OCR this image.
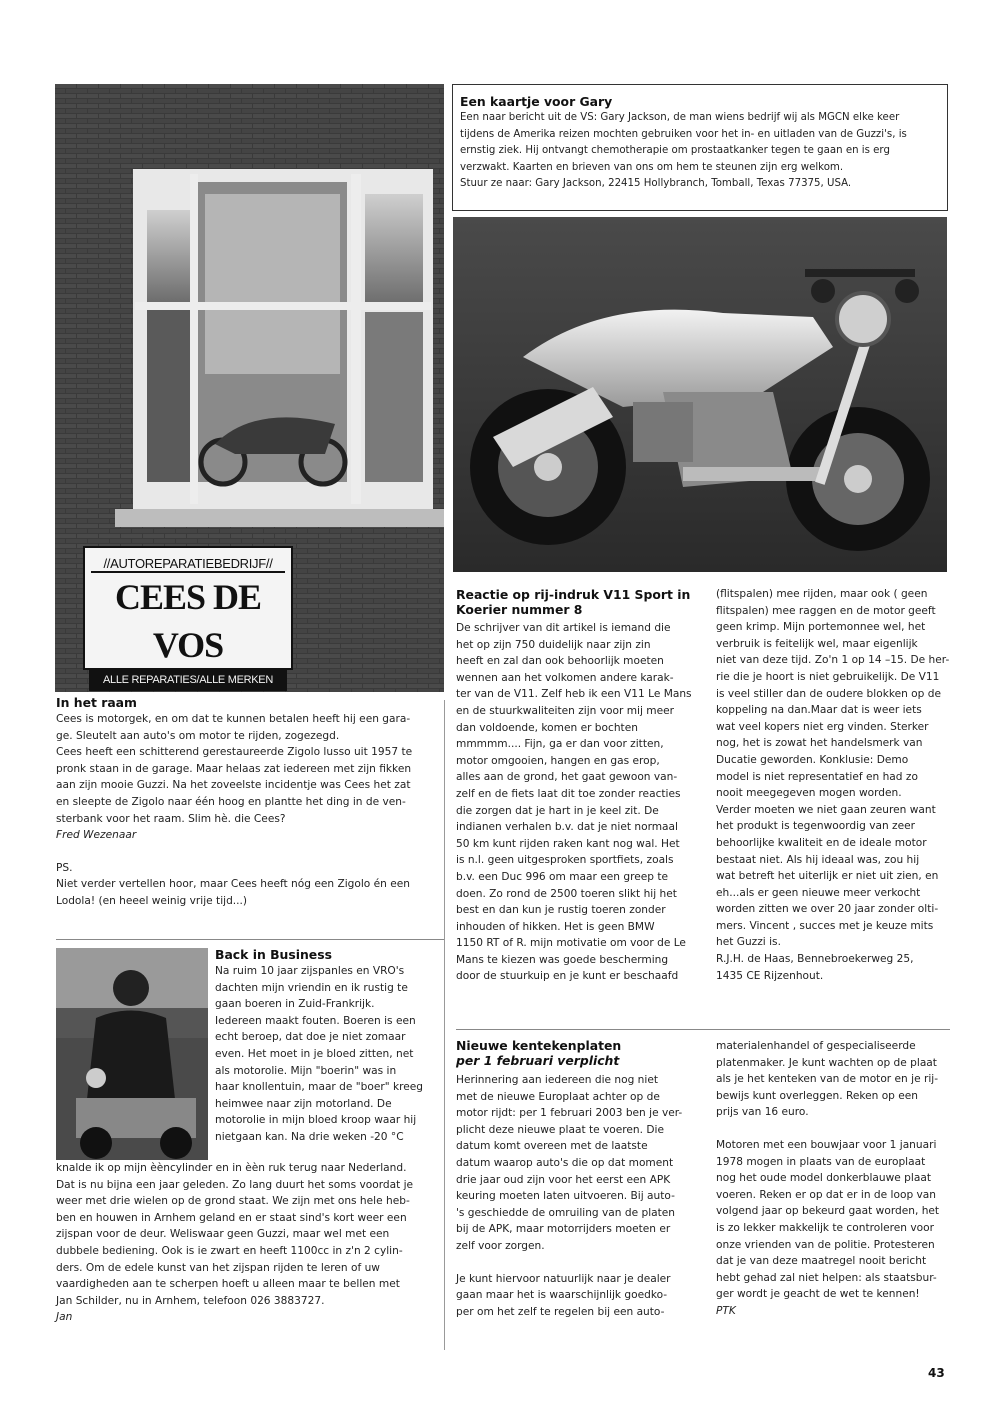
//AUTOREPARATIEBEDRIJF//
CEES DE VOS
ALLE REPARATIES/ALLE MERKEN
Een kaartje voor Gary

Een naar bericht uit de VS: Gary Jackson, de man wiens bedrijf wij als MGCN elke keer

tijdens de Amerika reizen mochten gebruiken voor het in- en uitladen van de Guzzi's, is

ernstig ziek. Hij ontvangt chemotherapie om prostaatkanker tegen te gaan en is erg

verzwakt. Kaarten en brieven van ons om hem te steunen zijn erg welkom.

Stuur ze naar: Gary Jackson, 22415 Hollybranch, Tomball, Texas 77375, USA.

In het raam

Cees is motorgek, en om dat te kunnen betalen heeft hij een gara-

ge. Sleutelt aan auto's om motor te rijden, zogezegd.

Cees heeft een schitterend gerestaureerde Zigolo lusso uit 1957 te

pronk staan in de garage. Maar helaas zat iedereen met zijn fikken

aan zijn mooie Guzzi. Na het zoveelste incidentje was Cees het zat

en sleepte de Zigolo naar één hoog en plantte het ding in de ven-

sterbank voor het raam. Slim hè. die Cees?

Fred Wezenaar

PS.

Niet verder vertellen hoor, maar Cees heeft nóg een Zigolo én een

Lodola! (en heeel weinig vrije tijd...)

Back in Business

Na ruim 10 jaar zijspanles en VRO's

dachten mijn vriendin en ik rustig te

gaan boeren in Zuid-Frankrijk.

Iedereen maakt fouten. Boeren is een

echt beroep, dat doe je niet zomaar

even. Het moet in je bloed zitten, net

als motorolie. Mijn "boerin" was in

haar knollentuin, maar de "boer" kreeg

heimwee naar zijn motorland. De

motorolie in mijn bloed kroop waar hij

nietgaan kan. Na drie weken -20 °C

knalde ik op mijn èèncylinder en in èèn ruk terug naar Nederland.

Dat is nu bijna een jaar geleden. Zo lang duurt het soms voordat je

weer met drie wielen op de grond staat. We zijn met ons hele heb-

ben en houwen in Arnhem geland en er staat sind's kort weer een

zijspan voor de deur. Weliswaar geen Guzzi, maar wel met een

dubbele bediening. Ook is ie zwart en heeft 1100cc in z'n 2 cylin-

ders. Om de edele kunst van het zijspan rijden te leren of uw

vaardigheden aan te scherpen hoeft u alleen maar te bellen met

Jan Schilder, nu in Arnhem, telefoon 026 3883727.

Jan

Reactie op rij-indruk V11 Sport in
Koerier nummer 8

De schrijver van dit artikel is iemand die

het op zijn 750 duidelijk naar zijn zin

heeft en zal dan ook behoorlijk moeten

wennen aan het volkomen andere karak-

ter van de V11. Zelf heb ik een V11 Le Mans

en de stuurkwaliteiten zijn voor mij meer

dan voldoende, komen er bochten

mmmmm.... Fijn, ga er dan voor zitten,

motor omgooien, hangen en gas erop,

alles aan de grond, het gaat gewoon van-

zelf en de fiets laat dit toe zonder reacties

die zorgen dat je hart in je keel zit. De

indianen verhalen b.v. dat je niet normaal

50 km kunt rijden raken kant nog wal. Het

is n.l. geen uitgesproken sportfiets, zoals

b.v. een Duc 996 om maar een greep te

doen. Zo rond de 2500 toeren slikt hij het

best en dan kun je rustig toeren zonder

inhouden of hikken. Het is geen BMW

1150 RT of R. mijn motivatie om voor de Le

Mans te kiezen was goede bescherming

door de stuurkuip en je kunt er beschaafd

(flitspalen) mee rijden, maar ook ( geen

flitspalen) mee raggen en de motor geeft

geen krimp. Mijn portemonnee wel, het

verbruik is feitelijk wel, maar eigenlijk

niet van deze tijd. Zo'n 1 op 14 –15. De her-

rie die je hoort is niet gebruikelijk. De V11

is veel stiller dan de oudere blokken op de

koppeling na dan.Maar dat is weer iets

wat veel kopers niet erg vinden. Sterker

nog, het is zowat het handelsmerk van

Ducatie geworden. Konklusie: Demo

model is niet representatief en had zo

nooit meegegeven mogen worden.

Verder moeten we niet gaan zeuren want

het produkt is tegenwoordig van zeer

behoorlijke kwaliteit en de ideale motor

bestaat niet. Als hij ideaal was, zou hij

wat betreft het uiterlijk er niet uit zien, en

eh...als er geen nieuwe meer verkocht

worden zitten we over 20 jaar zonder olti-

mers. Vincent , succes met je keuze mits

het Guzzi is.

R.J.H. de Haas, Bennebroekerweg 25,

1435 CE Rijzenhout.

Nieuwe kentekenplaten
per 1 februari verplicht

Herinnering aan iedereen die nog niet

met de nieuwe Europlaat achter op de

motor rijdt: per 1 februari 2003 ben je ver-

plicht deze nieuwe plaat te voeren. Die

datum komt overeen met de laatste

datum waarop auto's die op dat moment

drie jaar oud zijn voor het eerst een APK

keuring moeten laten uitvoeren. Bij auto-

's geschiedde de omruiling van de platen

bij de APK, maar motorrijders moeten er

zelf voor zorgen.

Je kunt hiervoor natuurlijk naar je dealer

gaan maar het is waarschijnlijk goedko-

per om het zelf te regelen bij een auto-

materialenhandel of gespecialiseerde

platenmaker. Je kunt wachten op de plaat

als je het kenteken van de motor en je rij-

bewijs kunt overleggen. Reken op een

prijs van 16 euro.

Motoren met een bouwjaar voor 1 januari

1978 mogen in plaats van de europlaat

nog het oude model donkerblauwe plaat

voeren. Reken er op dat er in de loop van

volgend jaar op bekeurd gaat worden, het

is zo lekker makkelijk te controleren voor

onze vrienden van de politie. Protesteren

dat je van deze maatregel nooit bericht

hebt gehad zal niet helpen: als staatsbur-

ger wordt je geacht de wet te kennen!

PTK

43
